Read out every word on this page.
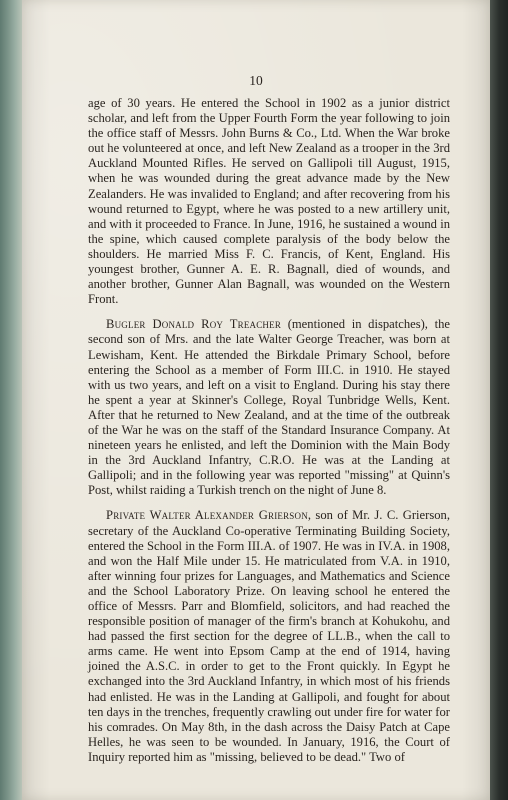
10

age of 30 years. He entered the School in 1902 as a junior district scholar, and left from the Upper Fourth Form the year following to join the office staff of Messrs. John Burns & Co., Ltd. When the War broke out he volunteered at once, and left New Zealand as a trooper in the 3rd Auckland Mounted Rifles. He served on Gallipoli till August, 1915, when he was wounded during the great advance made by the New Zealanders. He was invalided to England; and after recovering from his wound returned to Egypt, where he was posted to a new artillery unit, and with it proceeded to France. In June, 1916, he sustained a wound in the spine, which caused complete paralysis of the body below the shoulders. He married Miss F. C. Francis, of Kent, England. His youngest brother, Gunner A. E. R. Bagnall, died of wounds, and another brother, Gunner Alan Bagnall, was wounded on the Western Front.

Bugler Donald Roy Treacher (mentioned in dispatches), the second son of Mrs. and the late Walter George Treacher, was born at Lewisham, Kent. He attended the Birkdale Primary School, before entering the School as a member of Form III.C. in 1910. He stayed with us two years, and left on a visit to England. During his stay there he spent a year at Skinner's College, Royal Tunbridge Wells, Kent. After that he returned to New Zealand, and at the time of the outbreak of the War he was on the staff of the Standard Insurance Company. At nineteen years he enlisted, and left the Dominion with the Main Body in the 3rd Auckland Infantry, C.R.O. He was at the Landing at Gallipoli; and in the following year was reported "missing" at Quinn's Post, whilst raiding a Turkish trench on the night of June 8.

Private Walter Alexander Grierson, son of Mr. J. C. Grierson, secretary of the Auckland Co-operative Terminating Building Society, entered the School in the Form III.A. of 1907. He was in IV.A. in 1908, and won the Half Mile under 15. He matriculated from V.A. in 1910, after winning four prizes for Languages, and Mathematics and Science and the School Laboratory Prize. On leaving school he entered the office of Messrs. Parr and Blomfield, solicitors, and had reached the responsible position of manager of the firm's branch at Kohukohu, and had passed the first section for the degree of LL.B., when the call to arms came. He went into Epsom Camp at the end of 1914, having joined the A.S.C. in order to get to the Front quickly. In Egypt he exchanged into the 3rd Auckland Infantry, in which most of his friends had enlisted. He was in the Landing at Gallipoli, and fought for about ten days in the trenches, frequently crawling out under fire for water for his comrades. On May 8th, in the dash across the Daisy Patch at Cape Helles, he was seen to be wounded. In January, 1916, the Court of Inquiry reported him as "missing, believed to be dead." Two of
